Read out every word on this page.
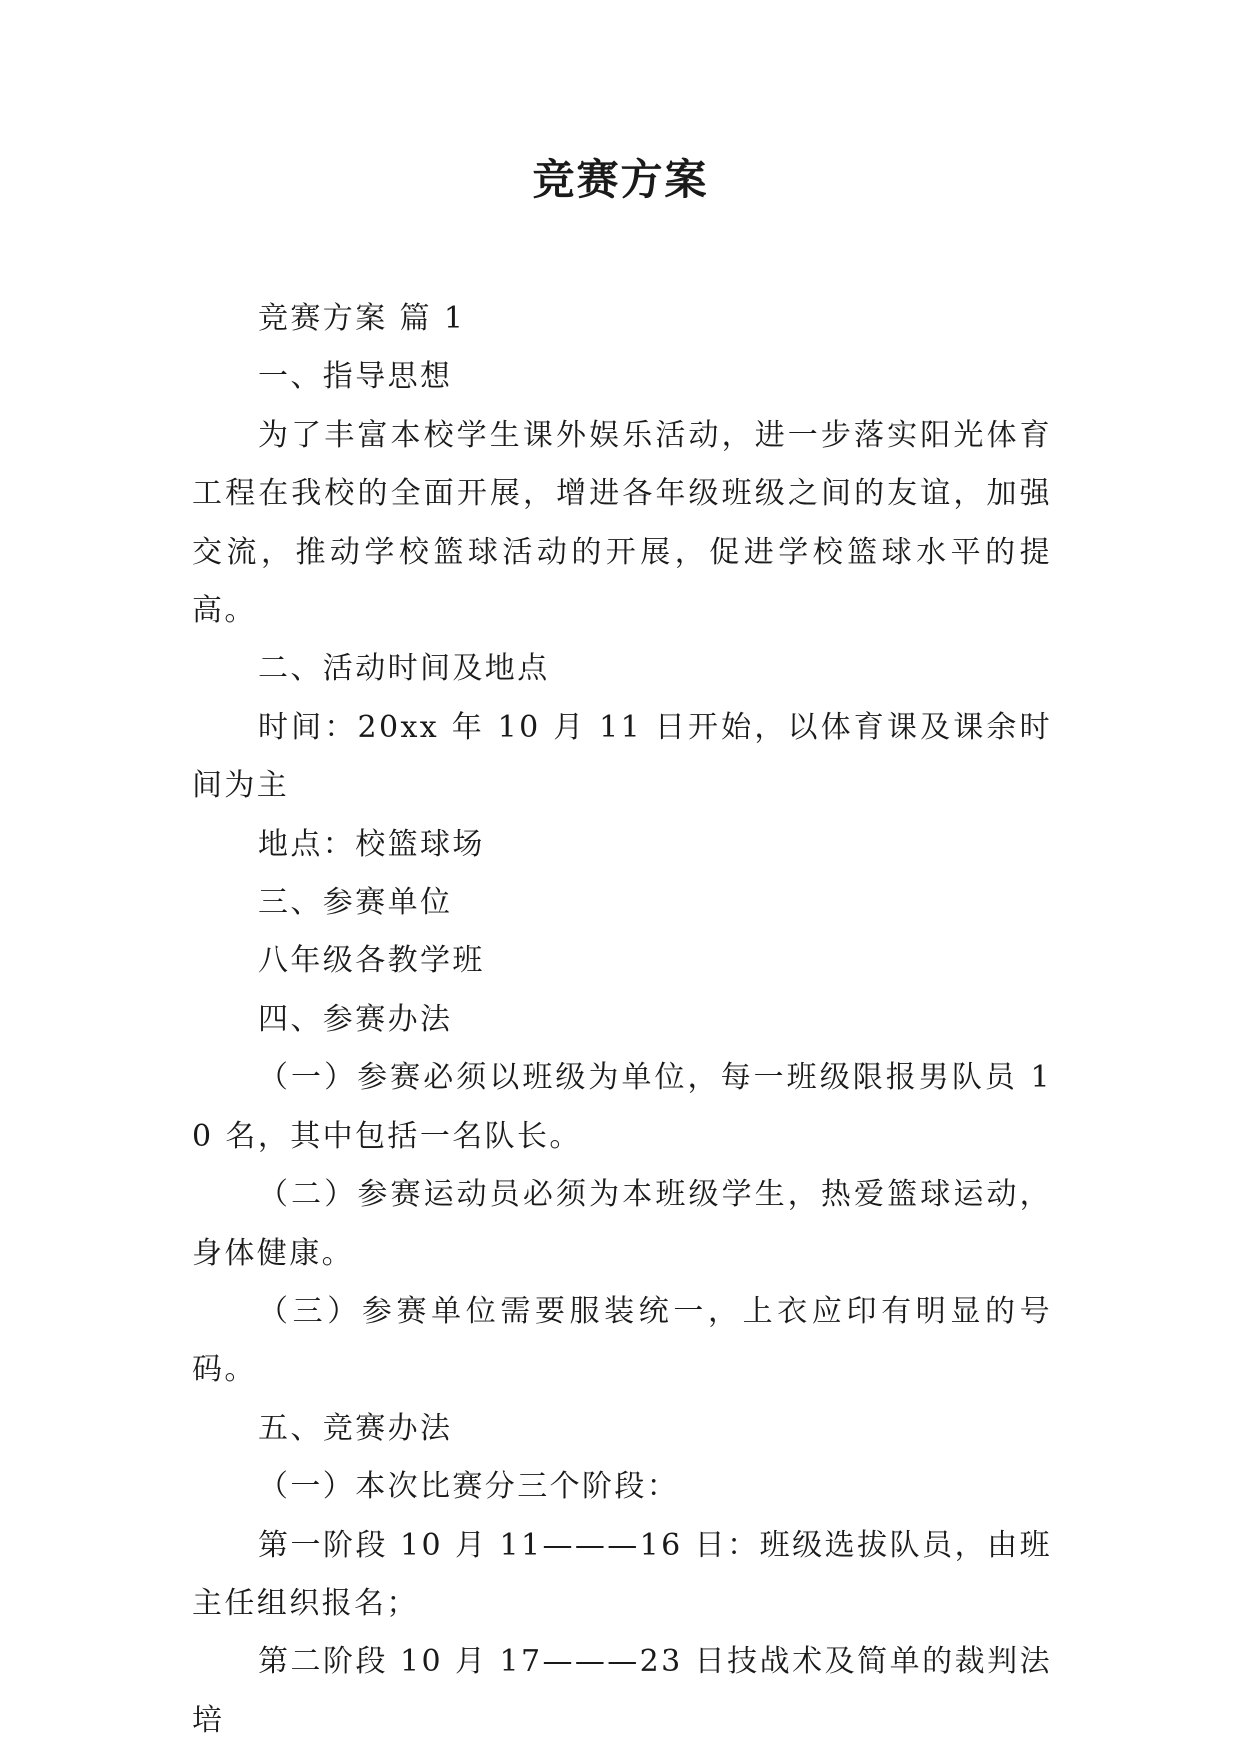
竞赛方案

竞赛方案 篇 1

一、指导思想

为了丰富本校学生课外娱乐活动，进一步落实阳光体育工程在我校的全面开展，增进各年级班级之间的友谊，加强交流，推动学校篮球活动的开展，促进学校篮球水平的提高。

二、活动时间及地点

时间：20xx 年 10 月 11 日开始，以体育课及课余时间为主

地点：校篮球场

三、参赛单位

八年级各教学班

四、参赛办法

（一）参赛必须以班级为单位，每一班级限报男队员 10 名，其中包括一名队长。

（二）参赛运动员必须为本班级学生，热爱篮球运动，身体健康。

（三）参赛单位需要服装统一，上衣应印有明显的号码。

五、竞赛办法

（一）本次比赛分三个阶段：

第一阶段 10 月 11———16 日：班级选拔队员，由班主任组织报名；

第二阶段 10 月 17———23 日技战术及简单的裁判法培
